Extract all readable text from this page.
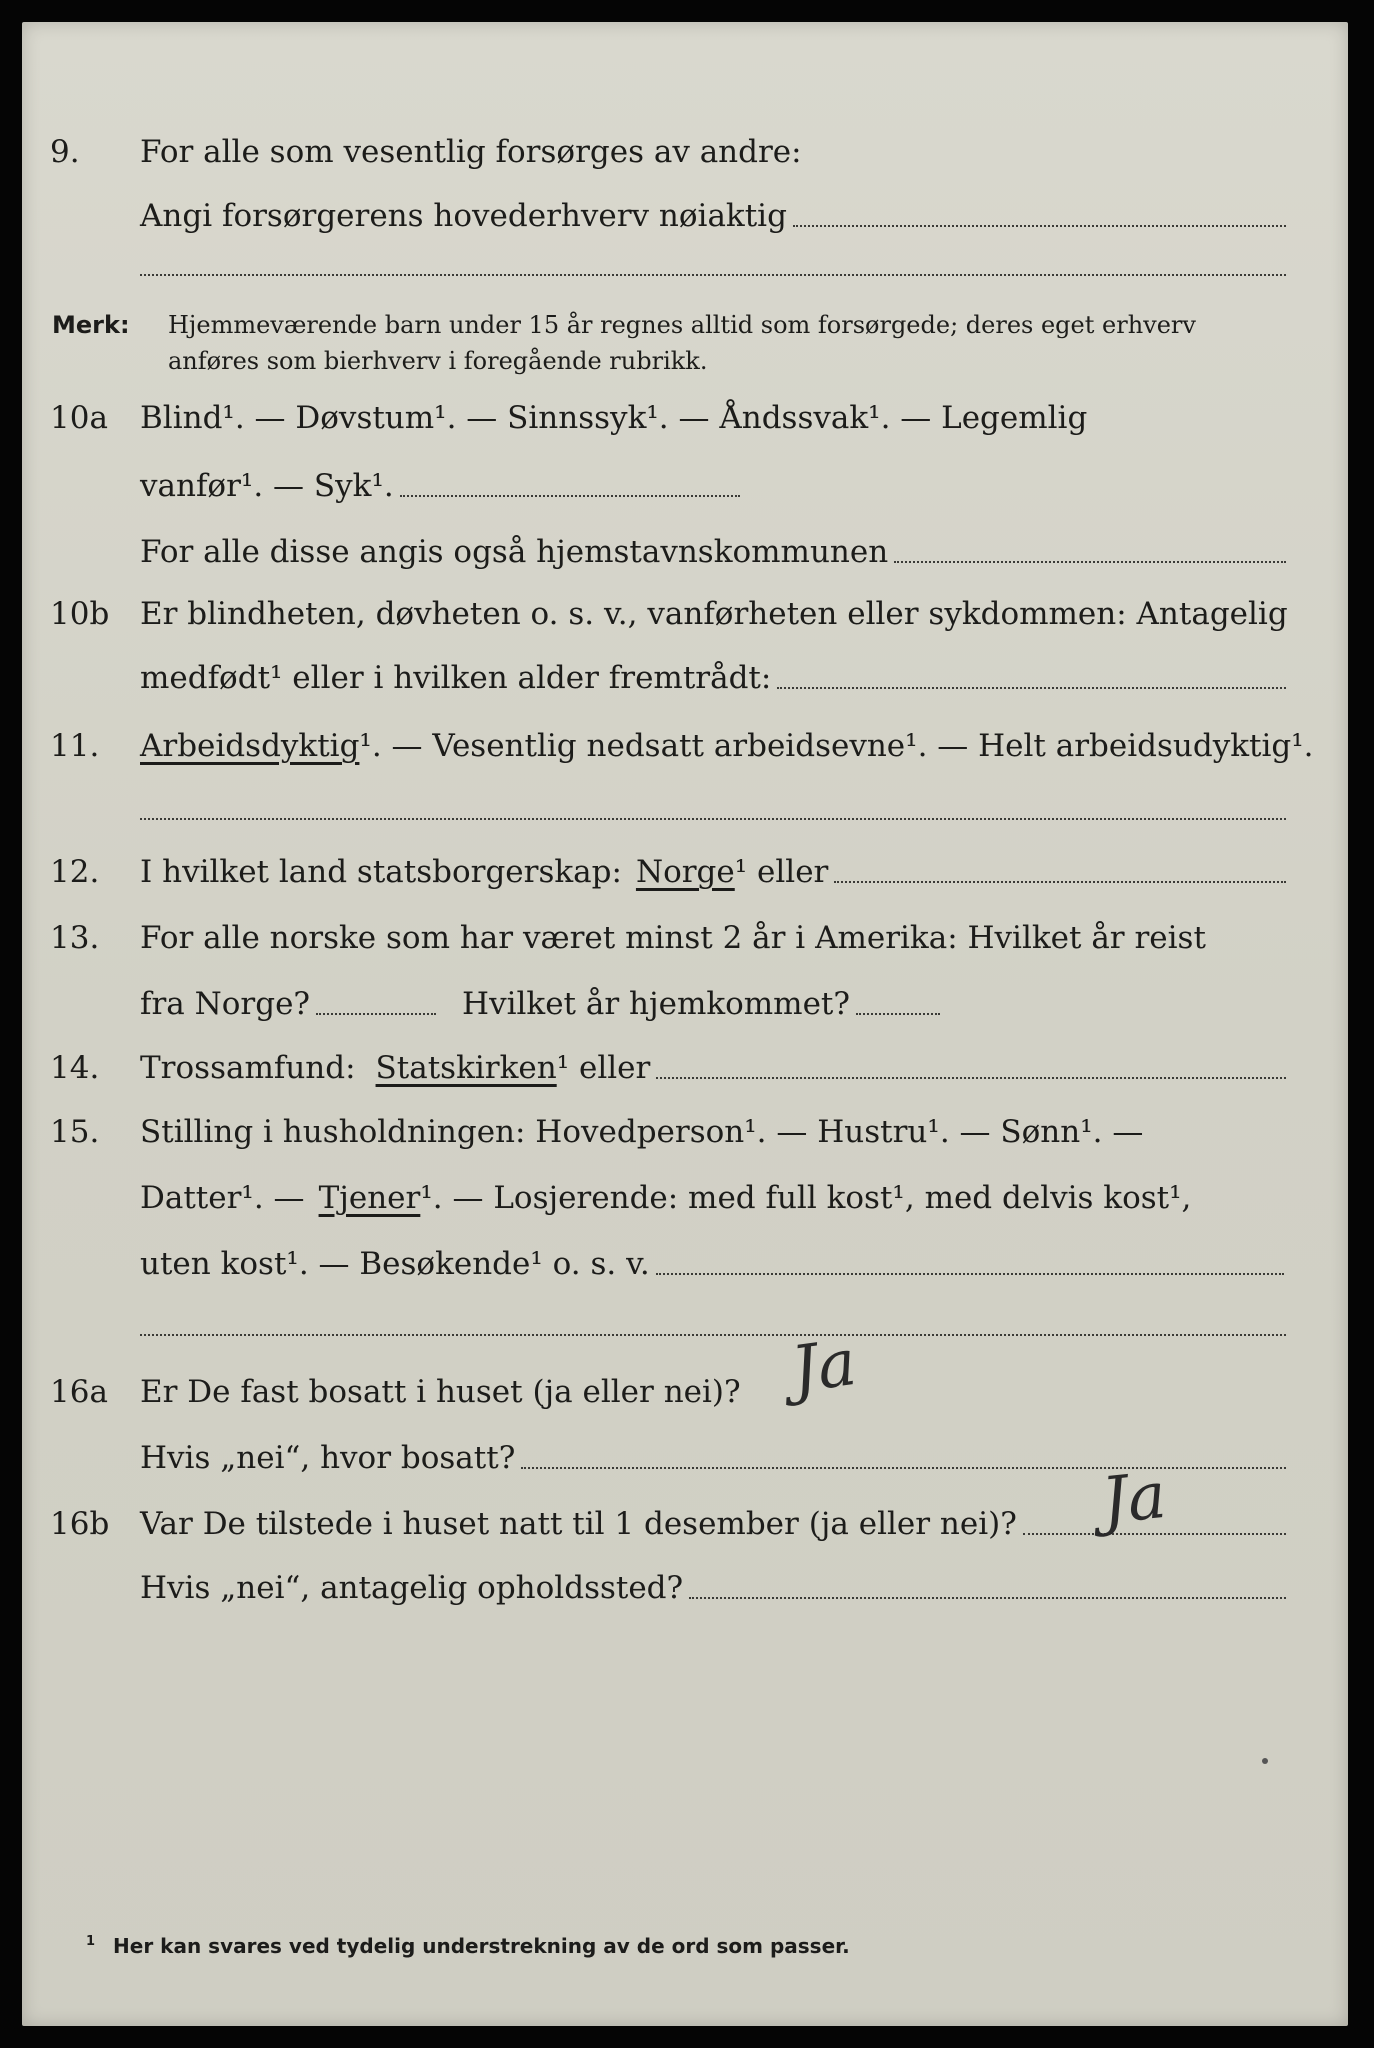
9.	For alle som vesentlig forsørges av andre:
Angi forsørgerens hovederhverv nøiaktig
Merk: Hjemmeværende barn under 15 år regnes alltid som forsørgede; deres eget erhverv
anføres som bierhverv i foregående rubrikk.
10a	Blind¹. — Døvstum¹. — Sinnssyk¹. — Åndssvak¹. — Legemlig
vanfør¹. — Syk¹.
For alle disse angis også hjemstavnskommunen
10b Er blindheten, døvheten o. s. v., vanførheten eller sykdommen: Antagelig
medfødt¹ eller i hvilken alder fremtrådt:
11.	Arbeidsdyktig ¹. — Vesentlig nedsatt arbeidsevne¹. — Helt arbeidsudyktig¹.
12.	I hvilket land statsborgerskap: Norge ¹ eller
13.	For alle norske som har været minst 2 år i Amerika: Hvilket år reist
fra Norge?	Hvilket år hjemkommet?
14.	Trossamfund: Statskirken ¹ eller
15.	Stilling i husholdningen: Hovedperson¹. — Hustru¹. — Sønn¹. —
Datter¹. — Tjener ¹. — Losjerende: med full kost¹, med delvis kost¹,
uten kost¹. — Besøkende¹ o. s. v.
16a	Er De fast bosatt i huset (ja eller nei)? Ja
Hvis „nei“, hvor bosatt?
16b Var De tilstede i huset natt til 1 desember (ja eller nei)? Ja
Hvis „nei“, antagelig opholdssted?
$^1$ Her kan svares ved tydelig understrekning av de ord som passer.
